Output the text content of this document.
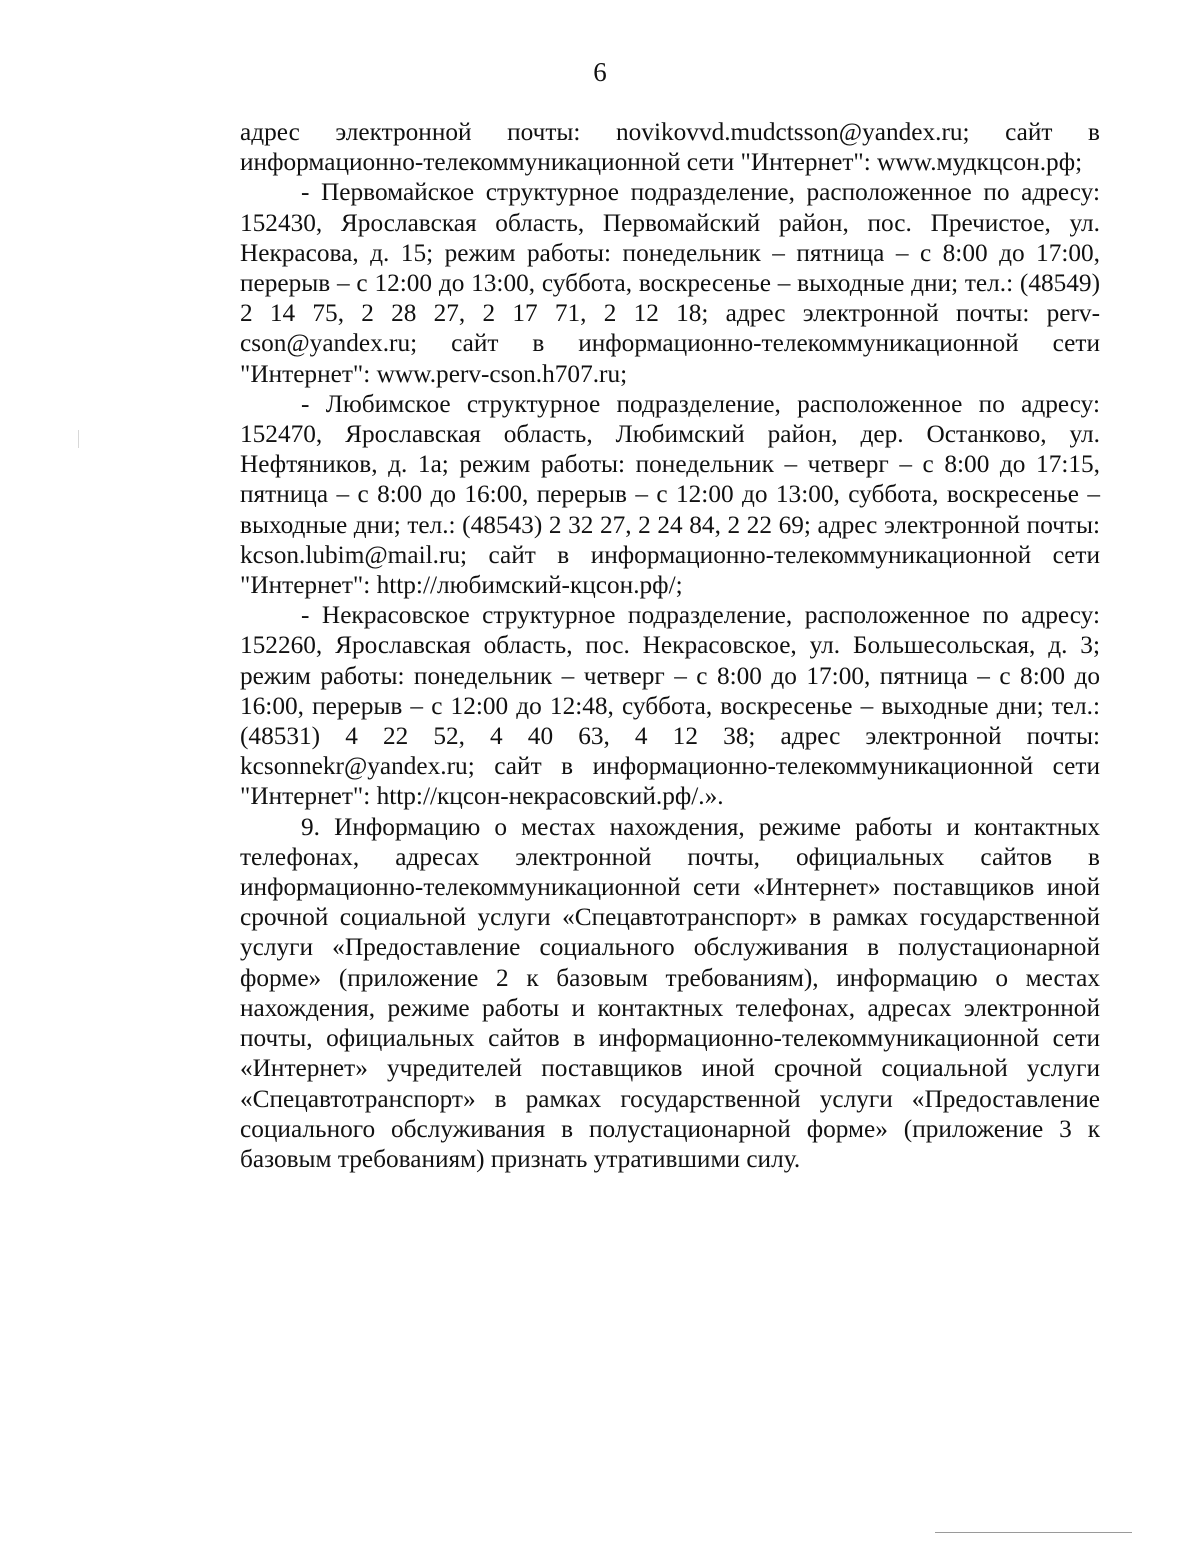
6

адрес электронной почты: novikovvd.mudctsson@yandex.ru; сайт в информационно-телекоммуникационной сети "Интернет": www.мудкцсон.рф;

- Первомайское структурное подразделение, расположенное по адресу: 152430, Ярославская область, Первомайский район, пос. Пречистое, ул. Некрасова, д. 15; режим работы: понедельник – пятница – с 8:00 до 17:00, перерыв – с 12:00 до 13:00, суббота, воскресенье – выходные дни; тел.: (48549) 2 14 75, 2 28 27, 2 17 71, 2 12 18; адрес электронной почты: perv-cson@yandex.ru; сайт в информационно-телекоммуникационной сети "Интернет": www.perv-cson.h707.ru;

- Любимское структурное подразделение, расположенное по адресу: 152470, Ярославская область, Любимский район, дер. Останково, ул. Нефтяников, д. 1а; режим работы: понедельник – четверг – с 8:00 до 17:15, пятница – с 8:00 до 16:00, перерыв – с 12:00 до 13:00, суббота, воскресенье – выходные дни; тел.: (48543) 2 32 27, 2 24 84, 2 22 69; адрес электронной почты: kcson.lubim@mail.ru; сайт в информационно-телекоммуникационной сети "Интернет": http://любимский-кцсон.рф/;

- Некрасовское структурное подразделение, расположенное по адресу: 152260, Ярославская область, пос. Некрасовское, ул. Большесольская, д. 3; режим работы: понедельник – четверг – с 8:00 до 17:00, пятница – с 8:00 до 16:00, перерыв – с 12:00 до 12:48, суббота, воскресенье – выходные дни; тел.: (48531) 4 22 52, 4 40 63, 4 12 38; адрес электронной почты: kcsonnekr@yandex.ru; сайт в информационно-телекоммуникационной сети "Интернет": http://кцсон-некрасовский.рф/.».

9. Информацию о местах нахождения, режиме работы и контактных телефонах, адресах электронной почты, официальных сайтов в информационно-телекоммуникационной сети «Интернет» поставщиков иной срочной социальной услуги «Спецавтотранспорт» в рамках государственной услуги «Предоставление социального обслуживания в полустационарной форме» (приложение 2 к базовым требованиям), информацию о местах нахождения, режиме работы и контактных телефонах, адресах электронной почты, официальных сайтов в информационно-телекоммуникационной сети «Интернет» учредителей поставщиков иной срочной социальной услуги «Спецавтотранспорт» в рамках государственной услуги «Предоставление социального обслуживания в полустационарной форме» (приложение 3 к базовым требованиям) признать утратившими силу.
